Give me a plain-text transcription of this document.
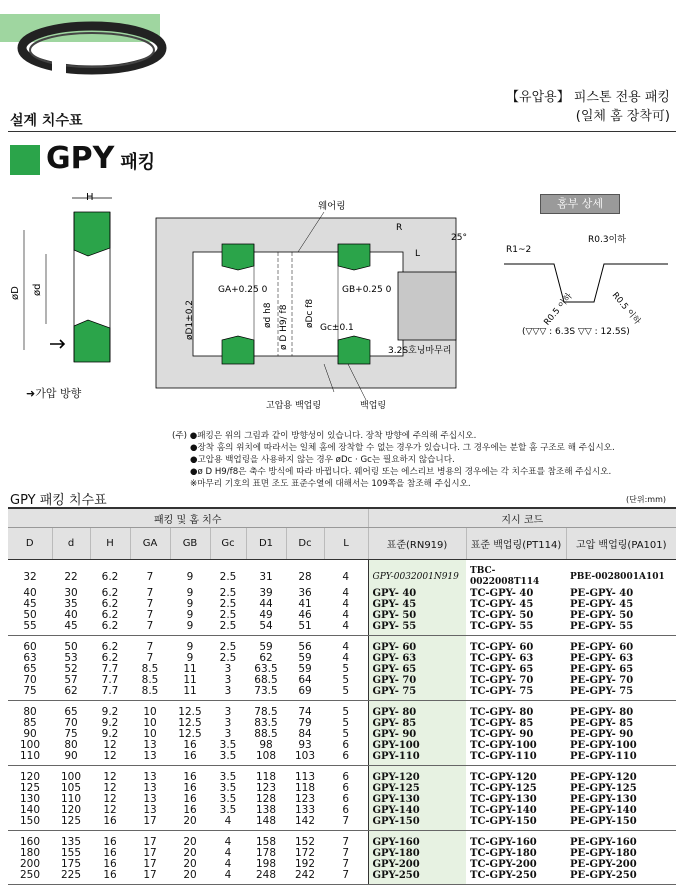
【유압용】 피스톤 전용 패킹
(일체 홈 장착可)
설계 치수표
GPY 패킹
H
øD ød
➜가압 방향
웨어링
GA+0.25 0	GB+0.25 0
øD1±0.2	ød h8 ø D H9/ f8 øDc f8 Gc±0.1
L
R
25°
3.2S호닝마무리
고압용 백업링	백업링
홈부 상세
R1~2
R0.3이하
R0.5 이하	R0.5 이하
(▽▽▽ : 6.3S ▽▽ : 12.5S)
(주) ●패킹은 위의 그림과 같이 방향성이 있습니다. 장착 방향에 주의해 주십시오.
●장착 홈의 위치에 따라서는 일체 홈에 장착할 수 없는 경우가 있습니다. 그 경우에는 분할 홈 구조로 해 주십시오.
●고압용 백업링을 사용하지 않는 경우 øDc · Gc는 필요하지 않습니다.
●ø D H9/f8은 축수 방식에 따라 바뀝니다. 웨어링 또는 에스리브 병용의 경우에는 각 치수표를 참조해 주십시오.
※마무리 기호의 표면 조도 표준수열에 대해서는 109쪽을 참조해 주십시오.
GPY 패킹 치수표	(단위:mm)
패킹 및 홈 치수									지시 코드		
D	d	H	GA	GB	Gc	D1	Dc	L	표준(RN919)	표준 백업링(PT114)	고압 백업링(PA101)
32	22	6.2	7	9	2.5	31	28	4	GPY-0032001N919	TBC-0022008T114	PBE-0028001A101
40	30	6.2	7	9	2.5	39	36	4	GPY- 40	TC-GPY- 40	PE-GPY- 40
45	35	6.2	7	9	2.5	44	41	4	GPY- 45	TC-GPY- 45	PE-GPY- 45
50	40	6.2	7	9	2.5	49	46	4	GPY- 50	TC-GPY- 50	PE-GPY- 50
55	45	6.2	7	9	2.5	54	51	4	GPY- 55	TC-GPY- 55	PE-GPY- 55
60	50	6.2	7	9	2.5	59	56	4	GPY- 60	TC-GPY- 60	PE-GPY- 60
63	53	6.2	7	9	2.5	62	59	4	GPY- 63	TC-GPY- 63	PE-GPY- 63
65	52	7.7	8.5	11	3	63.5	59	5	GPY- 65	TC-GPY- 65	PE-GPY- 65
70	57	7.7	8.5	11	3	68.5	64	5	GPY- 70	TC-GPY- 70	PE-GPY- 70
75	62	7.7	8.5	11	3	73.5	69	5	GPY- 75	TC-GPY- 75	PE-GPY- 75
80	65	9.2	10	12.5	3	78.5	74	5	GPY- 80	TC-GPY- 80	PE-GPY- 80
85	70	9.2	10	12.5	3	83.5	79	5	GPY- 85	TC-GPY- 85	PE-GPY- 85
90	75	9.2	10	12.5	3	88.5	84	5	GPY- 90	TC-GPY- 90	PE-GPY- 90
100	80	12	13	16	3.5	98	93	6	GPY-100	TC-GPY-100	PE-GPY-100
110	90	12	13	16	3.5	108	103	6	GPY-110	TC-GPY-110	PE-GPY-110
120	100	12	13	16	3.5	118	113	6	GPY-120	TC-GPY-120	PE-GPY-120
125	105	12	13	16	3.5	123	118	6	GPY-125	TC-GPY-125	PE-GPY-125
130	110	12	13	16	3.5	128	123	6	GPY-130	TC-GPY-130	PE-GPY-130
140	120	12	13	16	3.5	138	133	6	GPY-140	TC-GPY-140	PE-GPY-140
150	125	16	17	20	4	148	142	7	GPY-150	TC-GPY-150	PE-GPY-150
160	135	16	17	20	4	158	152	7	GPY-160	TC-GPY-160	PE-GPY-160
180	155	16	17	20	4	178	172	7	GPY-180	TC-GPY-180	PE-GPY-180
200	175	16	17	20	4	198	192	7	GPY-200	TC-GPY-200	PE-GPY-200
250	225	16	17	20	4	248	242	7	GPY-250	TC-GPY-250	PE-GPY-250
